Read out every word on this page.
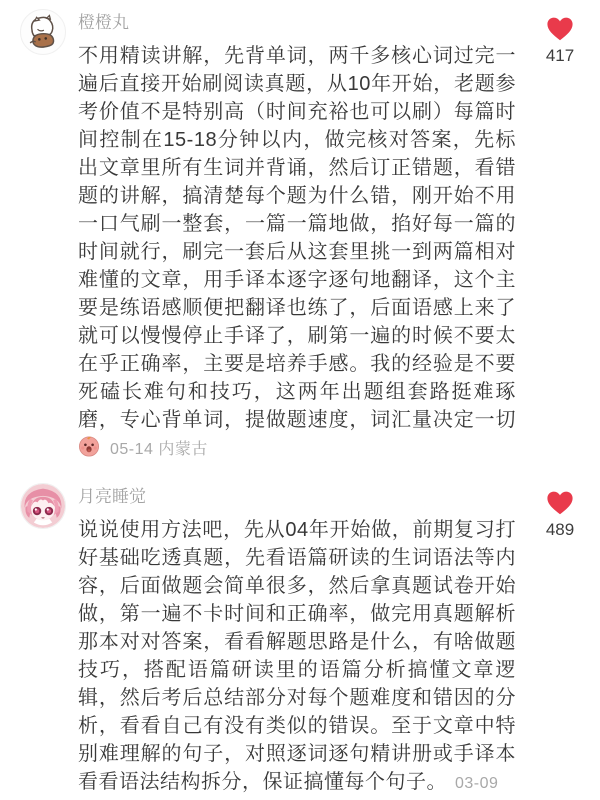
橙橙丸
不用精读讲解，先背单词，两千多核心词过完一遍后直接开始刷阅读真题，从10年开始，老题参考价值不是特别高（时间充裕也可以刷）每篇时间控制在15-18分钟以内，做完核对答案，先标出文章里所有生词并背诵，然后订正错题，看错题的讲解，搞清楚每个题为什么错，刚开始不用一口气刷一整套，一篇一篇地做，掐好每一篇的时间就行，刷完一套后从这套里挑一到两篇相对难懂的文章，用手译本逐字逐句地翻译，这个主要是练语感顺便把翻译也练了，后面语感上来了就可以慢慢停止手译了，刷第一遍的时候不要太在乎正确率，主要是培养手感。我的经验是不要死磕长难句和技巧，这两年出题组套路挺难琢磨，专心背单词，提做题速度，词汇量决定一切05-14 内蒙古
417
月亮睡觉
说说使用方法吧，先从04年开始做，前期复习打好基础吃透真题，先看语篇研读的生词语法等内容，后面做题会简单很多，然后拿真题试卷开始做，第一遍不卡时间和正确率，做完用真题解析那本对对答案，看看解题思路是什么，有啥做题技巧，搭配语篇研读里的语篇分析搞懂文章逻辑，然后考后总结部分对每个题难度和错因的分析，看看自己有没有类似的错误。至于文章中特别难理解的句子，对照逐词逐句精讲册或手译本看看语法结构拆分，保证搞懂每个句子。 03-09
489
